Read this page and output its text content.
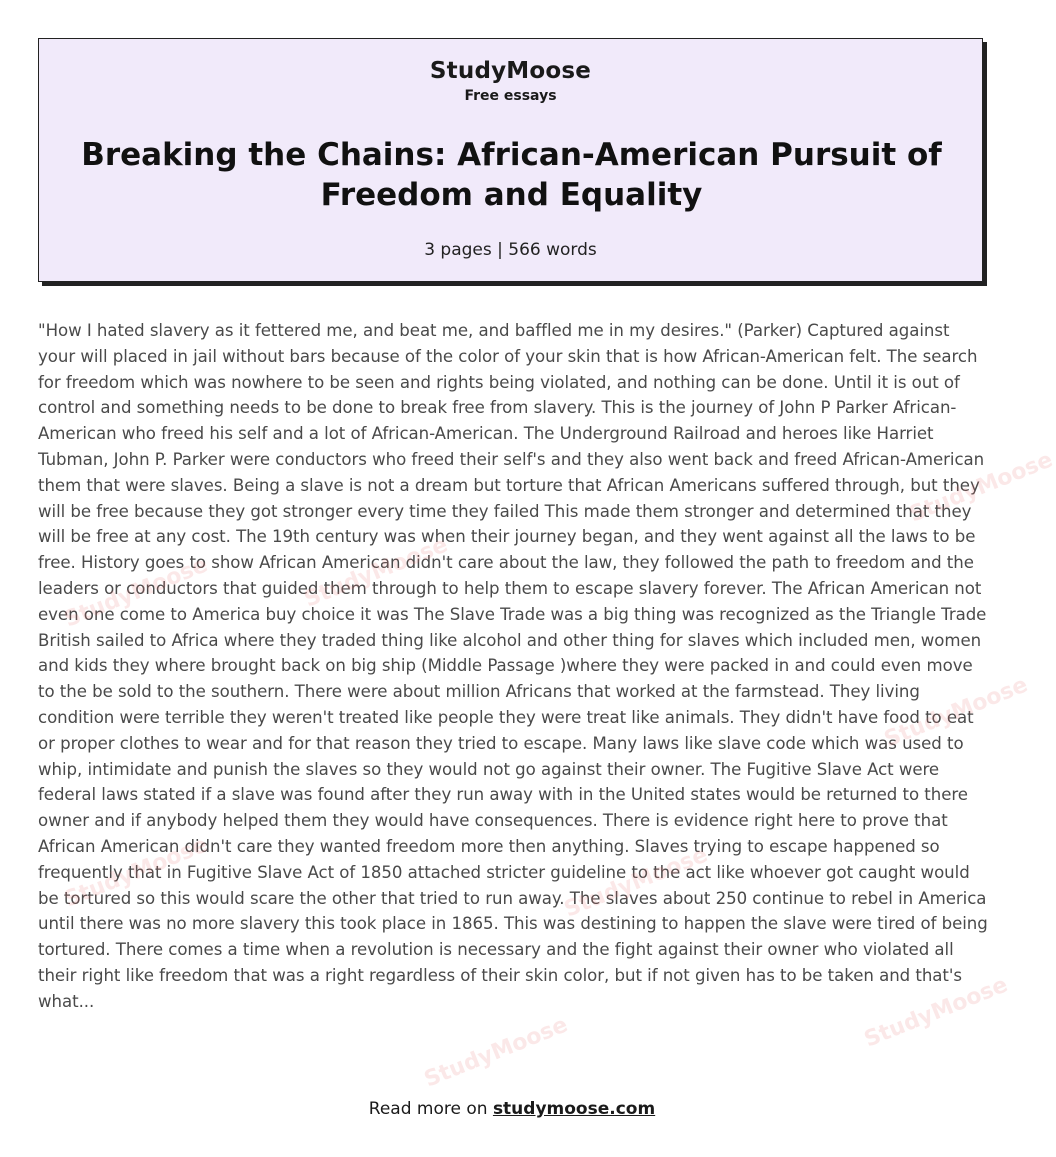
StudyMoose
Free essays
Breaking the Chains: African-American Pursuit of Freedom and Equality
3 pages | 566 words

"How I hated slavery as it fettered me, and beat me, and baffled me in my desires." (Parker) Captured against your will placed in jail without bars because of the color of your skin that is how African-American felt. The search for freedom which was nowhere to be seen and rights being violated, and nothing can be done. Until it is out of control and something needs to be done to break free from slavery. This is the journey of John P Parker African-American who freed his self and a lot of African-American. The Underground Railroad and heroes like Harriet Tubman, John P. Parker were conductors who freed their self's and they also went back and freed African-American them that were slaves. Being a slave is not a dream but torture that African Americans suffered through, but they will be free because they got stronger every time they failed This made them stronger and determined that they will be free at any cost. The 19th century was when their journey began, and they went against all the laws to be free. History goes to show African American didn't care about the law, they followed the path to freedom and the leaders or conductors that guided them through to help them to escape slavery forever. The African American not even one come to America buy choice it was The Slave Trade was a big thing was recognized as the Triangle Trade British sailed to Africa where they traded thing like alcohol and other thing for slaves which included men, women and kids they where brought back on big ship (Middle Passage )where they were packed in and could even move to the be sold to the southern. There were about million Africans that worked at the farmstead. They living condition were terrible they weren't treated like people they were treat like animals. They didn't have food to eat or proper clothes to wear and for that reason they tried to escape. Many laws like slave code which was used to whip, intimidate and punish the slaves so they would not go against their owner. The Fugitive Slave Act were federal laws stated if a slave was found after they run away with in the United states would be returned to there owner and if anybody helped them they would have consequences. There is evidence right here to prove that African American didn't care they wanted freedom more then anything. Slaves trying to escape happened so frequently that in Fugitive Slave Act of 1850 attached stricter guideline to the act like whoever got caught would be tortured so this would scare the other that tried to run away. The slaves about 250 continue to rebel in America until there was no more slavery this took place in 1865. This was destining to happen the slave were tired of being tortured. There comes a time when a revolution is necessary and the fight against their owner who violated all their right like freedom that was a right regardless of their skin color, but if not given has to be taken and that's what...

StudyMoose
StudyMoose	StudyMoose
StudyMoose
StudyMoose	StudyMoose
StudyMoose	StudyMoose
Read more on studymoose.com
